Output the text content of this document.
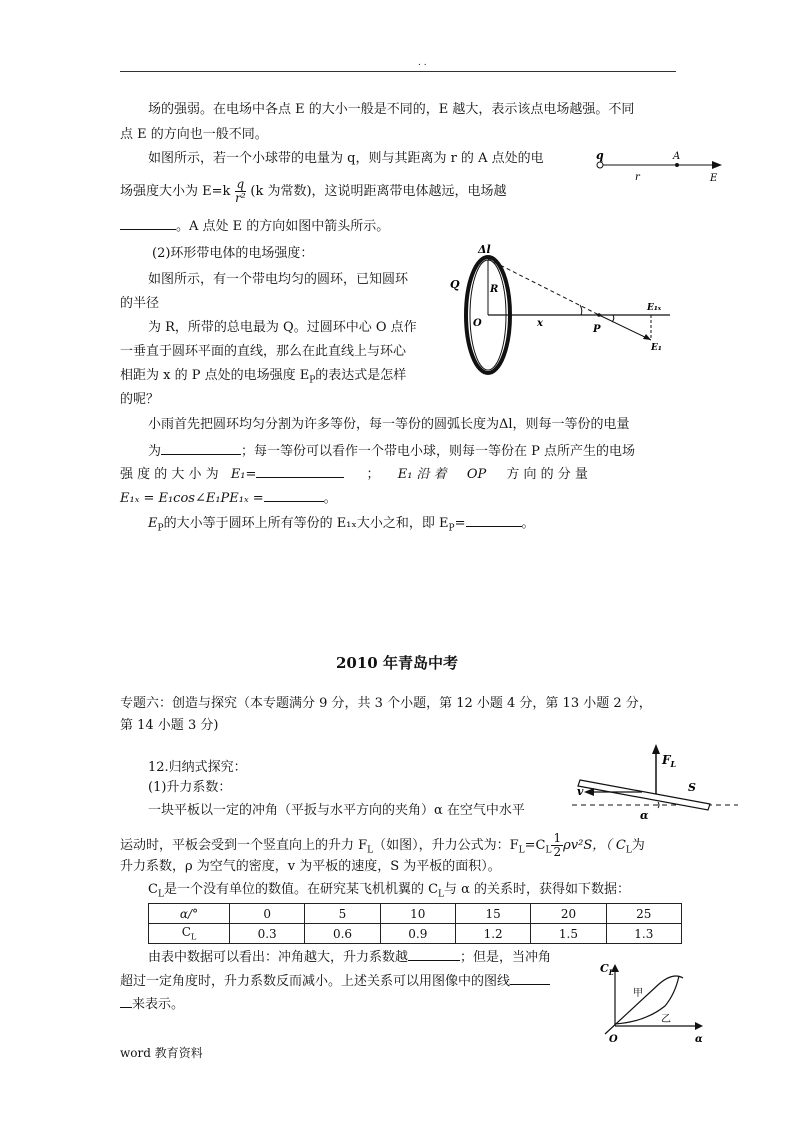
. .
场的强弱。在电场中各点 E 的大小一般是不同的，E 越大，表示该点电场越强。不同
点 E 的方向也一般不同。
如图所示，若一个小球带的电量为 q，则与其距离为 r 的 A 点处的电
场强度大小为 $E=k \frac{q}{\text{r²}} (k$ 为常数)，这说明距离带电体越远，电场越
。A 点处 E 的方向如图中箭头所示。
q	A
r	E
(2)环形带电体的电场强度：
如图所示，有一个带电均匀的圆环，已知圆环
的半径
为 R，所带的总电最为 Q。过圆环中心 O 点作
一垂直于圆环平面的直线，那么在此直线上与环心
相距为 x 的 P 点处的电场强度 $E_P$的表达式是怎样
的呢？
Δl
Q	R
O	x
P
E₁ₓ
E₁
小雨首先把圆环均匀分割为许多等份，每一等份的圆弧长度为Δl，则每一等份的电量
为	；每一等份可以看作一个带电小球，则每一等份在 P 点所产生的电场
强 度 的 大 小 为 E₁=	； E₁ 沿 着 OP 方 向 的 分 量
E₁ₓ = E₁cos∠E₁PE₁ₓ =	。
$E_P$的大小等于圆环上所有等份的 E₁ₓ大小之和，即 $E_P=$	。
2010 年青岛中考
专题六：创造与探究（本专题满分 9 分，共 3 个小题，第 12 小题 4 分，第 13 小题 2 分，
第 14 小题 3 分)
12.归纳式探究：
(1)升力系数：
一块平板以一定的冲角（平扳与水平方向的夹角）α 在空气中水平
$F_L$
v	S
α
运动时，平板会受到一个竖直向上的升力 $F_L$（如图），升力公式为：$F_L=C_L \frac{1}{2} \rho v^2S$，（ $C_L$为
升力系数，ρ 为空气的密度，v 为平板的速度，S 为平板的面积）。
$C_L$是一个没有单位的数值。在研究某飞机机翼的 $C_L$与 α 的关系时，获得如下数据：
α/°	0	5	10	15	20	25
$C_L$	0.3	0.6	0.9	1.2	1.5	1.3
由表中数据可以看出：冲角越大，升力系数越	；但是，当冲角
超过一定角度时，升力系数反而减小。上述关系可以用图像中的图线
来表示。
$C_L$
甲
乙
O	α
word 教育资料
